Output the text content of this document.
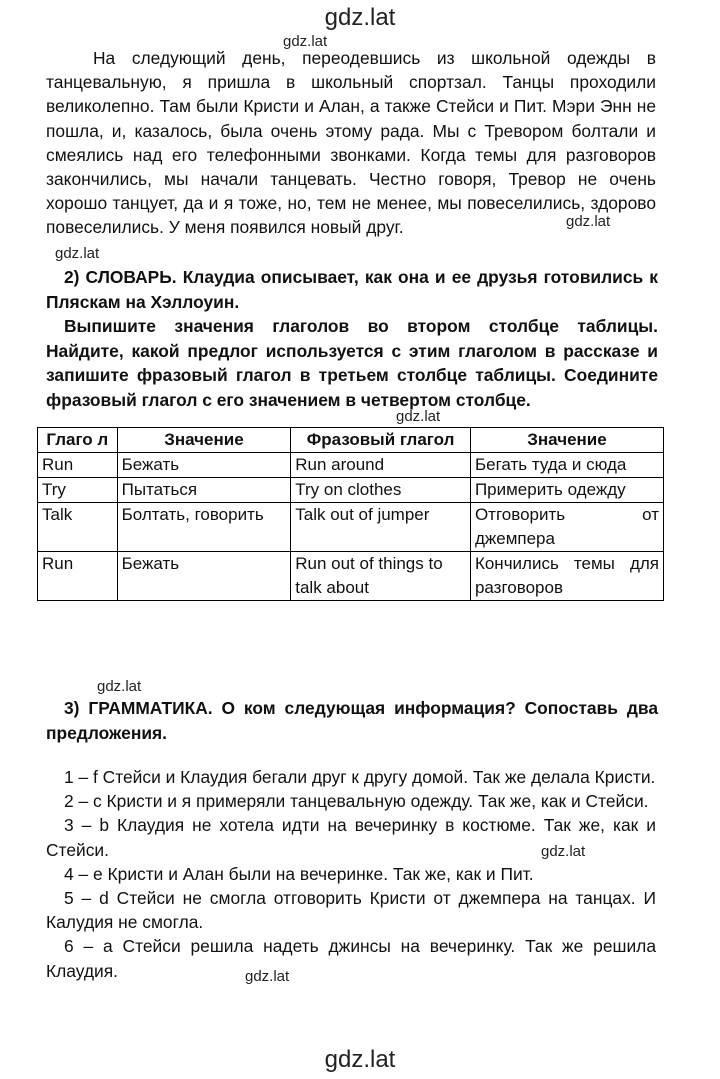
gdz.lat
gdz.lat
На следующий день, переодевшись из школьной одежды в танцевальную, я пришла в школьный спортзал. Танцы проходили великолепно. Там были Кристи и Алан, а также Стейси и Пит. Мэри Энн не пошла, и, казалось, была очень этому рада. Мы с Тревором болтали и смеялись над его телефонными звонками. Когда темы для разговоров закончились, мы начали танцевать. Честно говоря, Тревор не очень хорошо танцует, да и я тоже, но, тем не менее, мы повеселились, здорово повеселились. У меня появился новый друг.	gdz.lat
gdz.lat
2) СЛОВАРЬ. Клаудиа описывает, как она и ее друзья готовились к Пляскам на Хэллоуин.
Выпишите значения глаголов во втором столбце таблицы. Найдите, какой предлог используется с этим глаголом в рассказе и запишите фразовый глагол в третьем столбце таблицы. Соедините фразовый глагол с его значением в четвертом столбце.
gdz.lat
Глаго л	Значение	Фразовый глагол	Значение
Run	Бежать	Run around	Бегать туда и сюда
Try	Пытаться	Try on clothes	Примерить одежду
Talk	Болтать, говорить	Talk out of jumper	Отговорить от джемпера
Run	Бежать	Run out of things to talk about	Кончились темы для разговоров
gdz.lat
3) ГРАММАТИКА. О ком следующая информация? Сопоставь два предложения.
1 – f Стейси и Клаудия бегали друг к другу домой. Так же делала Кристи.
2 – c Кристи и я примеряли танцевальную одежду. Так же, как и Стейси.
3 – b Клаудия не хотела идти на вечеринку в костюме. Так же, как и Стейси.
4 – e Кристи и Алан были на вечеринке. Так же, как и Пит.
5 – d Стейси не смогла отговорить Кристи от джемпера на танцах. И Калудия не смогла.
6 – a Стейси решила надеть джинсы на вечеринку. Так же решила Клаудия.
gdz.lat
gdz.lat
gdz.lat
